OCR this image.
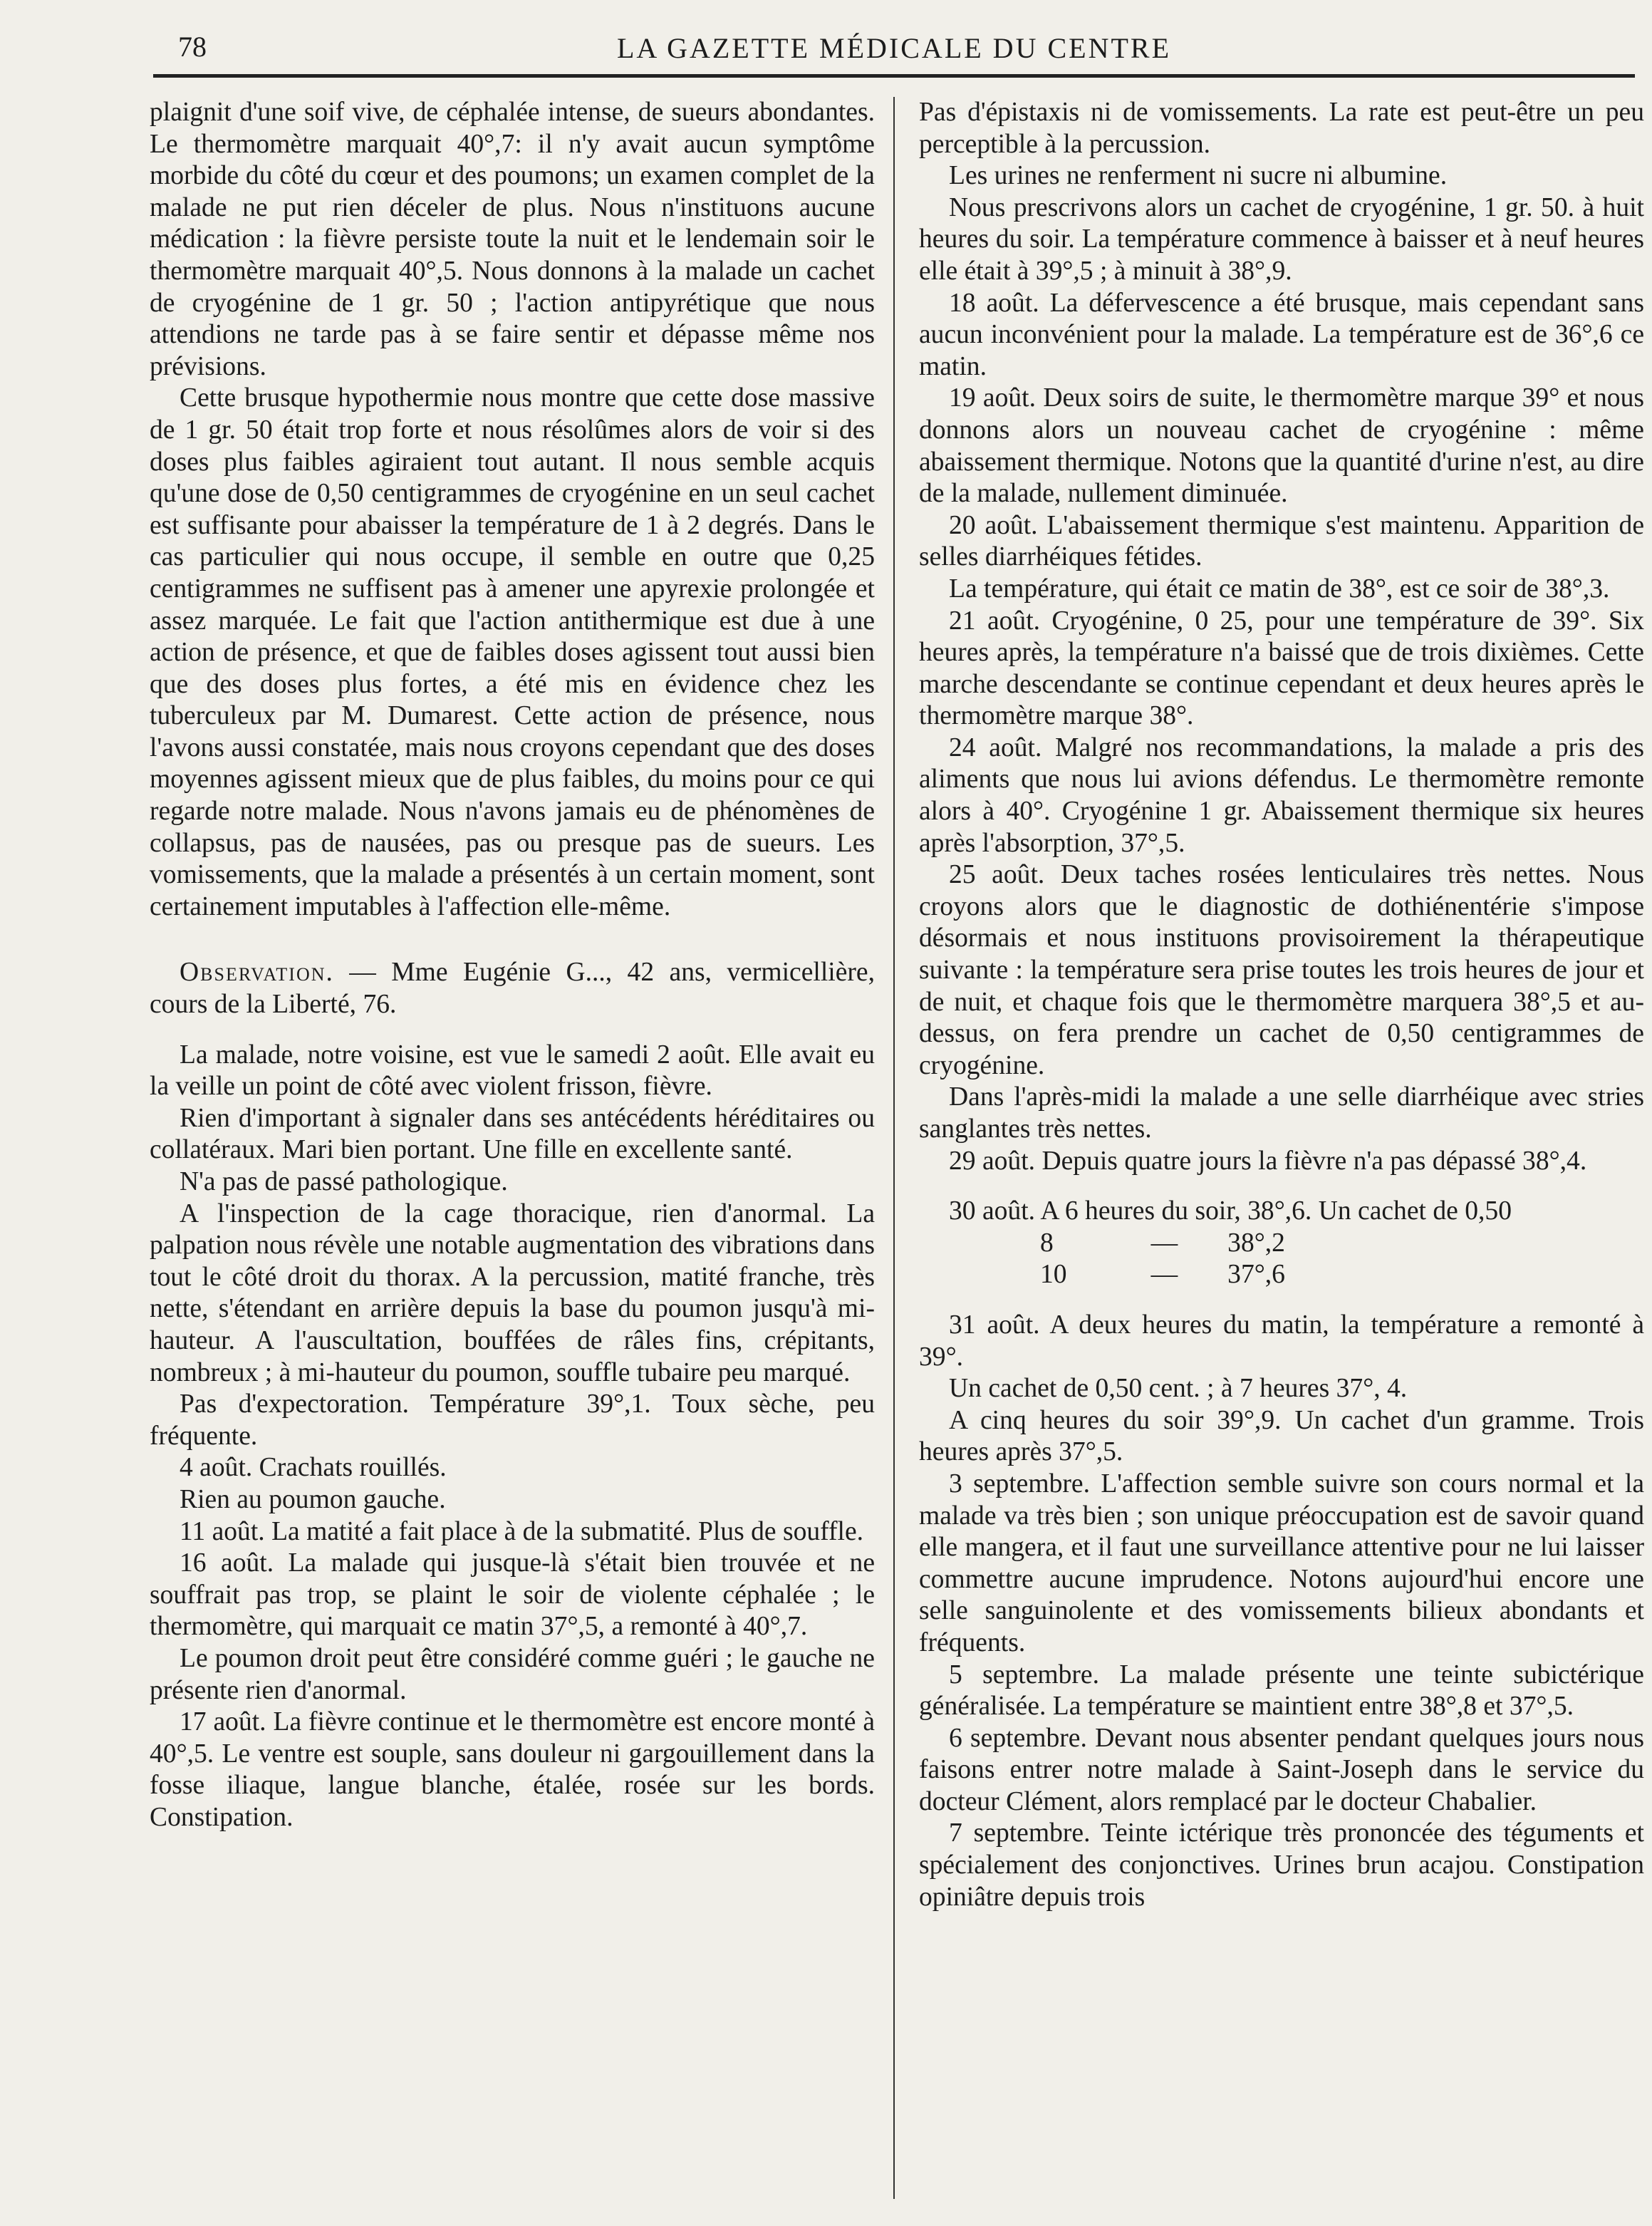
78	LA GAZETTE MÉDICALE DU CENTRE

plaignit d'une soif vive, de céphalée intense, de sueurs abondantes. Le thermomètre marquait 40°,7: il n'y avait aucun symptôme morbide du côté du cœur et des poumons; un examen complet de la malade ne put rien déceler de plus. Nous n'instituons aucune médication : la fièvre persiste toute la nuit et le lendemain soir le thermomètre marquait 40°,5. Nous donnons à la malade un cachet de cryogénine de 1 gr. 50 ; l'action antipyrétique que nous attendions ne tarde pas à se faire sentir et dépasse même nos prévisions.

Cette brusque hypothermie nous montre que cette dose massive de 1 gr. 50 était trop forte et nous résolûmes alors de voir si des doses plus faibles agiraient tout autant. Il nous semble acquis qu'une dose de 0,50 centigrammes de cryogénine en un seul cachet est suffisante pour abaisser la température de 1 à 2 degrés. Dans le cas particulier qui nous occupe, il semble en outre que 0,25 centigrammes ne suffisent pas à amener une apyrexie prolongée et assez marquée. Le fait que l'action antithermique est due à une action de présence, et que de faibles doses agissent tout aussi bien que des doses plus fortes, a été mis en évidence chez les tuberculeux par M. Dumarest. Cette action de présence, nous l'avons aussi constatée, mais nous croyons cependant que des doses moyennes agissent mieux que de plus faibles, du moins pour ce qui regarde notre malade. Nous n'avons jamais eu de phénomènes de collapsus, pas de nausées, pas ou presque pas de sueurs. Les vomissements, que la malade a présentés à un certain moment, sont certainement imputables à l'affection elle-même.

Observation. — Mme Eugénie G..., 42 ans, vermicellière, cours de la Liberté, 76.

La malade, notre voisine, est vue le samedi 2 août. Elle avait eu la veille un point de côté avec violent frisson, fièvre.

Rien d'important à signaler dans ses antécédents héréditaires ou collatéraux. Mari bien portant. Une fille en excellente santé.

N'a pas de passé pathologique.

A l'inspection de la cage thoracique, rien d'anormal. La palpation nous révèle une notable augmentation des vibrations dans tout le côté droit du thorax. A la percussion, matité franche, très nette, s'étendant en arrière depuis la base du poumon jusqu'à mi-hauteur. A l'auscultation, bouffées de râles fins, crépitants, nombreux ; à mi-hauteur du poumon, souffle tubaire peu marqué.

Pas d'expectoration. Température 39°,1. Toux sèche, peu fréquente.

4 août. Crachats rouillés.

Rien au poumon gauche.

11 août. La matité a fait place à de la submatité. Plus de souffle.

16 août. La malade qui jusque-là s'était bien trouvée et ne souffrait pas trop, se plaint le soir de violente céphalée ; le thermomètre, qui marquait ce matin 37°,5, a remonté à 40°,7.

Le poumon droit peut être considéré comme guéri ; le gauche ne présente rien d'anormal.

17 août. La fièvre continue et le thermomètre est encore monté à 40°,5. Le ventre est souple, sans douleur ni gargouillement dans la fosse iliaque, langue blanche, étalée, rosée sur les bords. Constipation.

Pas d'épistaxis ni de vomissements. La rate est peut-être un peu perceptible à la percussion.

Les urines ne renferment ni sucre ni albumine.

Nous prescrivons alors un cachet de cryogénine, 1 gr. 50. à huit heures du soir. La température commence à baisser et à neuf heures elle était à 39°,5 ; à minuit à 38°,9.

18 août. La défervescence a été brusque, mais cependant sans aucun inconvénient pour la malade. La température est de 36°,6 ce matin.

19 août. Deux soirs de suite, le thermomètre marque 39° et nous donnons alors un nouveau cachet de cryogénine : même abaissement thermique. Notons que la quantité d'urine n'est, au dire de la malade, nullement diminuée.

20 août. L'abaissement thermique s'est maintenu. Apparition de selles diarrhéiques fétides.

La température, qui était ce matin de 38°, est ce soir de 38°,3.

21 août. Cryogénine, 0 25, pour une température de 39°. Six heures après, la température n'a baissé que de trois dixièmes. Cette marche descendante se continue cependant et deux heures après le thermomètre marque 38°.

24 août. Malgré nos recommandations, la malade a pris des aliments que nous lui avions défendus. Le thermomètre remonte alors à 40°. Cryogénine 1 gr. Abaissement thermique six heures après l'absorption, 37°,5.

25 août. Deux taches rosées lenticulaires très nettes. Nous croyons alors que le diagnostic de dothiénentérie s'impose désormais et nous instituons provisoirement la thérapeutique suivante : la température sera prise toutes les trois heures de jour et de nuit, et chaque fois que le thermomètre marquera 38°,5 et au-dessus, on fera prendre un cachet de 0,50 centigrammes de cryogénine.

Dans l'après-midi la malade a une selle diarrhéique avec stries sanglantes très nettes.

29 août. Depuis quatre jours la fièvre n'a pas dépassé 38°,4.

30 août. A 6 heures du soir, 38°,6. Un cachet de 0,50

8	—	38°,2
10	—	37°,6

31 août. A deux heures du matin, la température a remonté à 39°.

Un cachet de 0,50 cent. ; à 7 heures 37°, 4.

A cinq heures du soir 39°,9. Un cachet d'un gramme. Trois heures après 37°,5.

3 septembre. L'affection semble suivre son cours normal et la malade va très bien ; son unique préoccupation est de savoir quand elle mangera, et il faut une surveillance attentive pour ne lui laisser commettre aucune imprudence. Notons aujourd'hui encore une selle sanguinolente et des vomissements bilieux abondants et fréquents.

5 septembre. La malade présente une teinte subictérique généralisée. La température se maintient entre 38°,8 et 37°,5.

6 septembre. Devant nous absenter pendant quelques jours nous faisons entrer notre malade à Saint-Joseph dans le service du docteur Clément, alors remplacé par le docteur Chabalier.

7 septembre. Teinte ictérique très prononcée des téguments et spécialement des conjonctives. Urines brun acajou. Constipation opiniâtre depuis trois
